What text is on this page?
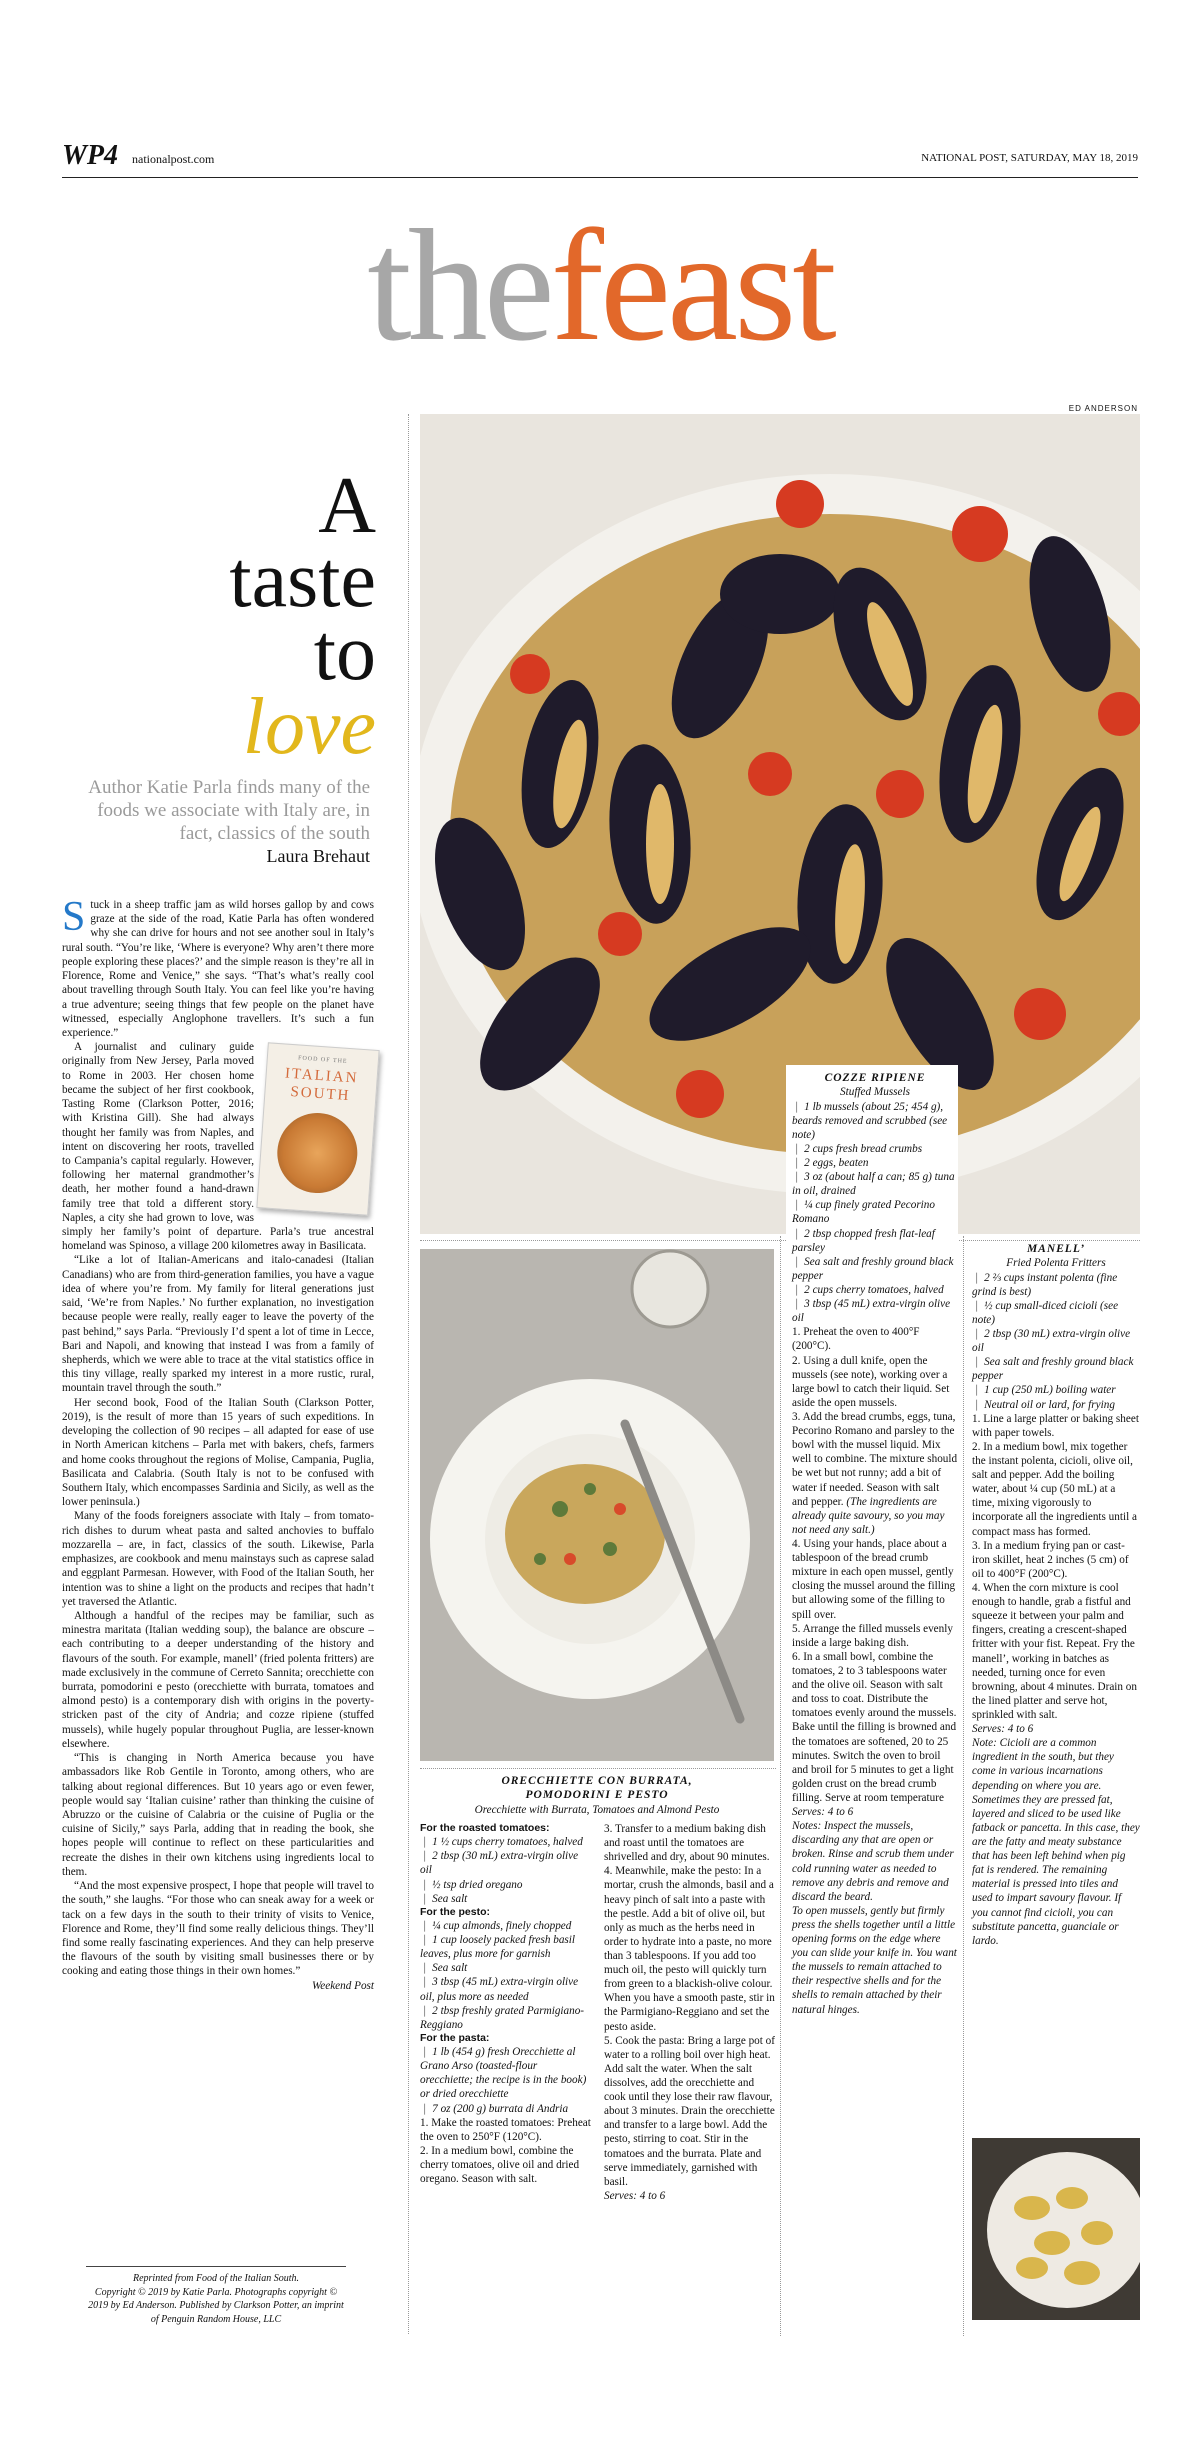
WP4 nationalpost.com	NATIONAL POST, SATURDAY, MAY 18, 2019
thefeast
ED ANDERSON
A
taste
to
love
Author Katie Parla finds many of the foods we associate with Italy are, in fact, classics of the south
Laura Brehaut

Stuck in a sheep traffic jam as wild horses gallop by and cows graze at the side of the road, Katie Parla has often wondered why she can drive for hours and not see another soul in Italy’s rural south. “You’re like, ‘Where is everyone? Why aren’t there more people exploring these places?’ and the simple reason is they’re all in Florence, Rome and Venice,” she says. “That’s what’s really cool about travelling through South Italy. You can feel like you’re having a true adventure; seeing things that few people on the planet have witnessed, especially Anglophone travellers. It’s such a fun experience.”

FOOD OF THE
ITALIAN
SOUTH

A journalist and culinary guide originally from New Jersey, Parla moved to Rome in 2003. Her chosen home became the subject of her first cookbook, Tasting Rome (Clarkson Potter, 2016; with Kristina Gill). She had always thought her family was from Naples, and intent on discovering her roots, travelled to Campania’s capital regularly. However, following her maternal grandmother’s death, her mother found a hand-drawn family tree that told a different story. Naples, a city she had grown to love, was simply her family’s point of departure. Parla’s true ancestral homeland was Spinoso, a village 200 kilometres away in Basilicata.

“Like a lot of Italian-Americans and italo-canadesi (Italian Canadians) who are from third-generation families, you have a vague idea of where you’re from. My family for literal generations just said, ‘We’re from Naples.’ No further explanation, no investigation because people were really, really eager to leave the poverty of the past behind,” says Parla. “Previously I’d spent a lot of time in Lecce, Bari and Napoli, and knowing that instead I was from a family of shepherds, which we were able to trace at the vital statistics office in this tiny village, really sparked my interest in a more rustic, rural, mountain travel through the south.”

Her second book, Food of the Italian South (Clarkson Potter, 2019), is the result of more than 15 years of such expeditions. In developing the collection of 90 recipes – all adapted for ease of use in North American kitchens – Parla met with bakers, chefs, farmers and home cooks throughout the regions of Molise, Campania, Puglia, Basilicata and Calabria. (South Italy is not to be confused with Southern Italy, which encompasses Sardinia and Sicily, as well as the lower peninsula.)

Many of the foods foreigners associate with Italy – from tomato-rich dishes to durum wheat pasta and salted anchovies to buffalo mozzarella – are, in fact, classics of the south. Likewise, Parla emphasizes, are cookbook and menu mainstays such as caprese salad and eggplant Parmesan. However, with Food of the Italian South, her intention was to shine a light on the products and recipes that hadn’t yet traversed the Atlantic.

Although a handful of the recipes may be familiar, such as minestra maritata (Italian wedding soup), the balance are obscure – each contributing to a deeper understanding of the history and flavours of the south. For example, manell’ (fried polenta fritters) are made exclusively in the commune of Cerreto Sannita; orecchiette con burrata, pomodorini e pesto (orecchiette with burrata, tomatoes and almond pesto) is a contemporary dish with origins in the poverty-stricken past of the city of Andria; and cozze ripiene (stuffed mussels), while hugely popular throughout Puglia, are lesser-known elsewhere.

“This is changing in North America because you have ambassadors like Rob Gentile in Toronto, among others, who are talking about regional differences. But 10 years ago or even fewer, people would say ‘Italian cuisine’ rather than thinking the cuisine of Abruzzo or the cuisine of Calabria or the cuisine of Puglia or the cuisine of Sicily,” says Parla, adding that in reading the book, she hopes people will continue to reflect on these particularities and recreate the dishes in their own kitchens using ingredients local to them.

“And the most expensive prospect, I hope that people will travel to the south,” she laughs. “For those who can sneak away for a week or tack on a few days in the south to their trinity of visits to Venice, Florence and Rome, they’ll find some really delicious things. They’ll find some really fascinating experiences. And they can help preserve the flavours of the south by visiting small businesses there or by cooking and eating those things in their own homes.”

Weekend Post

Reprinted from Food of the Italian South.
Copyright © 2019 by Katie Parla. Photographs copyright © 2019 by Ed Anderson. Published by Clarkson Potter, an imprint of Penguin Random House, LLC
COZZE RIPIENE
Stuffed Mussels
❘ 1 lb mussels (about 25; 454 g), beards removed and scrubbed (see note)
❘ 2 cups fresh bread crumbs
❘ 2 eggs, beaten
❘ 3 oz (about half a can; 85 g) tuna in oil, drained
❘ ¼ cup finely grated Pecorino Romano
❘ 2 tbsp chopped fresh flat-leaf parsley
❘ Sea salt and freshly ground black pepper
❘ 2 cups cherry tomatoes, halved
❘ 3 tbsp (45 mL) extra-virgin olive oil
1. Preheat the oven to 400°F (200°C).
2. Using a dull knife, open the mussels (see note), working over a large bowl to catch their liquid. Set aside the open mussels.
3. Add the bread crumbs, eggs, tuna, Pecorino Romano and parsley to the bowl with the mussel liquid. Mix well to combine. The mixture should be wet but not runny; add a bit of water if needed. Season with salt and pepper. (The ingredients are already quite savoury, so you may not need any salt.)
4. Using your hands, place about a tablespoon of the bread crumb mixture in each open mussel, gently closing the mussel around the filling but allowing some of the filling to spill over.
5. Arrange the filled mussels evenly inside a large baking dish.
6. In a small bowl, combine the tomatoes, 2 to 3 tablespoons water and the olive oil. Season with salt and toss to coat. Distribute the tomatoes evenly around the mussels. Bake until the filling is browned and the tomatoes are softened, 20 to 25 minutes. Switch the oven to broil and broil for 5 minutes to get a light golden crust on the bread crumb filling. Serve at room temperature
Serves: 4 to 6
Notes: Inspect the mussels, discarding any that are open or broken. Rinse and scrub them under cold running water as needed to remove any debris and remove and discard the beard.
To open mussels, gently but firmly press the shells together until a little opening forms on the edge where you can slide your knife in. You want the mussels to remain attached to their respective shells and for the shells to remain attached by their natural hinges.
MANELL’
Fried Polenta Fritters
❘ 2 ⅔ cups instant polenta (fine grind is best)
❘ ½ cup small-diced cicioli (see note)
❘ 2 tbsp (30 mL) extra-virgin olive oil
❘ Sea salt and freshly ground black pepper
❘ 1 cup (250 mL) boiling water
❘ Neutral oil or lard, for frying
1. Line a large platter or baking sheet with paper towels.
2. In a medium bowl, mix together the instant polenta, cicioli, olive oil, salt and pepper. Add the boiling water, about ¼ cup (50 mL) at a time, mixing vigorously to incorporate all the ingredients until a compact mass has formed.
3. In a medium frying pan or cast-iron skillet, heat 2 inches (5 cm) of oil to 400°F (200°C).
4. When the corn mixture is cool enough to handle, grab a fistful and squeeze it between your palm and fingers, creating a crescent-shaped fritter with your fist. Repeat. Fry the manell’, working in batches as needed, turning once for even browning, about 4 minutes. Drain on the lined platter and serve hot, sprinkled with salt.
Serves: 4 to 6
Note: Cicioli are a common ingredient in the south, but they come in various incarnations depending on where you are. Sometimes they are pressed fat, layered and sliced to be used like fatback or pancetta. In this case, they are the fatty and meaty substance that has been left behind when pig fat is rendered. The remaining material is pressed into tiles and used to impart savoury flavour. If you cannot find cicioli, you can substitute pancetta, guanciale or lardo.
ORECCHIETTE CON BURRATA,
POMODORINI E PESTO
Orecchiette with Burrata, Tomatoes and Almond Pesto
For the roasted tomatoes:
❘ 1 ½ cups cherry tomatoes, halved
❘ 2 tbsp (30 mL) extra-virgin olive oil
❘ ½ tsp dried oregano
❘ Sea salt
For the pesto:
❘ ¼ cup almonds, finely chopped
❘ 1 cup loosely packed fresh basil leaves, plus more for garnish
❘ Sea salt
❘ 3 tbsp (45 mL) extra-virgin olive oil, plus more as needed
❘ 2 tbsp freshly grated Parmigiano-Reggiano
For the pasta:
❘ 1 lb (454 g) fresh Orecchiette al Grano Arso (toasted-flour orecchiette; the recipe is in the book) or dried orecchiette
❘ 7 oz (200 g) burrata di Andria
1. Make the roasted tomatoes: Preheat the oven to 250°F (120°C).
2. In a medium bowl, combine the cherry tomatoes, olive oil and dried oregano. Season with salt.
3. Transfer to a medium baking dish and roast until the tomatoes are shrivelled and dry, about 90 minutes.
4. Meanwhile, make the pesto: In a mortar, crush the almonds, basil and a heavy pinch of salt into a paste with the pestle. Add a bit of olive oil, but only as much as the herbs need in order to hydrate into a paste, no more than 3 tablespoons. If you add too much oil, the pesto will quickly turn from green to a blackish-olive colour. When you have a smooth paste, stir in the Parmigiano-Reggiano and set the pesto aside.
5. Cook the pasta: Bring a large pot of water to a rolling boil over high heat. Add salt the water. When the salt dissolves, add the orecchiette and cook until they lose their raw flavour, about 3 minutes. Drain the orecchiette and transfer to a large bowl. Add the pesto, stirring to coat. Stir in the tomatoes and the burrata. Plate and serve immediately, garnished with basil.
Serves: 4 to 6
